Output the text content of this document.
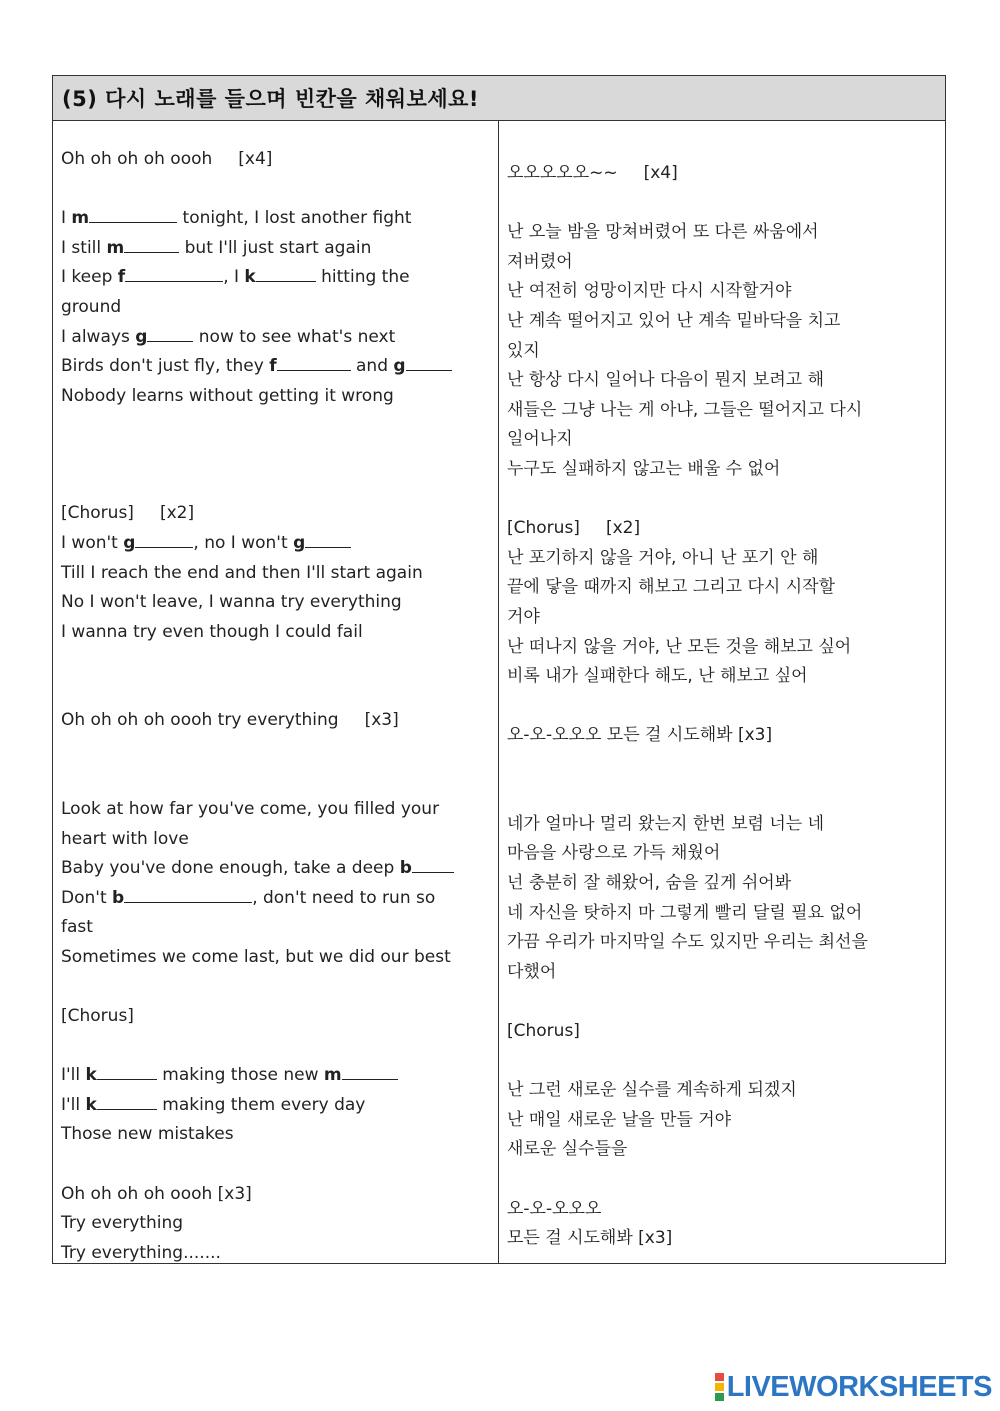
(5) 다시 노래를 들으며 빈칸을 채워보세요!
Oh oh oh oh oooh [x4]
I m	tonight, I lost another fight
I still m	but I'll just start again
I keep f	, I k	hitting the
ground
I always g	now to see what's next
Birds don't just fly, they f	and g
Nobody learns without getting it wrong
[Chorus] [x2]
I won't g	, no I won't g
Till I reach the end and then I'll start again
No I won't leave, I wanna try everything
I wanna try even though I could fail
Oh oh oh oh oooh try everything [x3]
Look at how far you've come, you filled your
heart with love
Baby you've done enough, take a deep b
Don't b	, don't need to run so
fast
Sometimes we come last, but we did our best
[Chorus]
I'll k	making those new m
I'll k	making them every day
Those new mistakes
Oh oh oh oh oooh [x3]
Try everything
Try everything.......
오오오오오~~ [x4]
난 오늘 밤을 망쳐버렸어 또 다른 싸움에서
져버렸어
난 여전히 엉망이지만 다시 시작할거야
난 계속 떨어지고 있어 난 계속 밑바닥을 치고
있지
난 항상 다시 일어나 다음이 뭔지 보려고 해
새들은 그냥 나는 게 아냐, 그들은 떨어지고 다시
일어나지
누구도 실패하지 않고는 배울 수 없어
[Chorus] [x2]
난 포기하지 않을 거야, 아니 난 포기 안 해
끝에 닿을 때까지 해보고 그리고 다시 시작할
거야
난 떠나지 않을 거야, 난 모든 것을 해보고 싶어
비록 내가 실패한다 해도, 난 해보고 싶어
오-오-오오오 모든 걸 시도해봐 [x3]
네가 얼마나 멀리 왔는지 한번 보렴 너는 네
마음을 사랑으로 가득 채웠어
넌 충분히 잘 해왔어, 숨을 깊게 쉬어봐
네 자신을 탓하지 마 그렇게 빨리 달릴 필요 없어
가끔 우리가 마지막일 수도 있지만 우리는 최선을
다했어
[Chorus]
난 그런 새로운 실수를 계속하게 되겠지
난 매일 새로운 날을 만들 거야
새로운 실수들을
오-오-오오오
모든 걸 시도해봐 [x3]
LIVEWORKSHEETS
